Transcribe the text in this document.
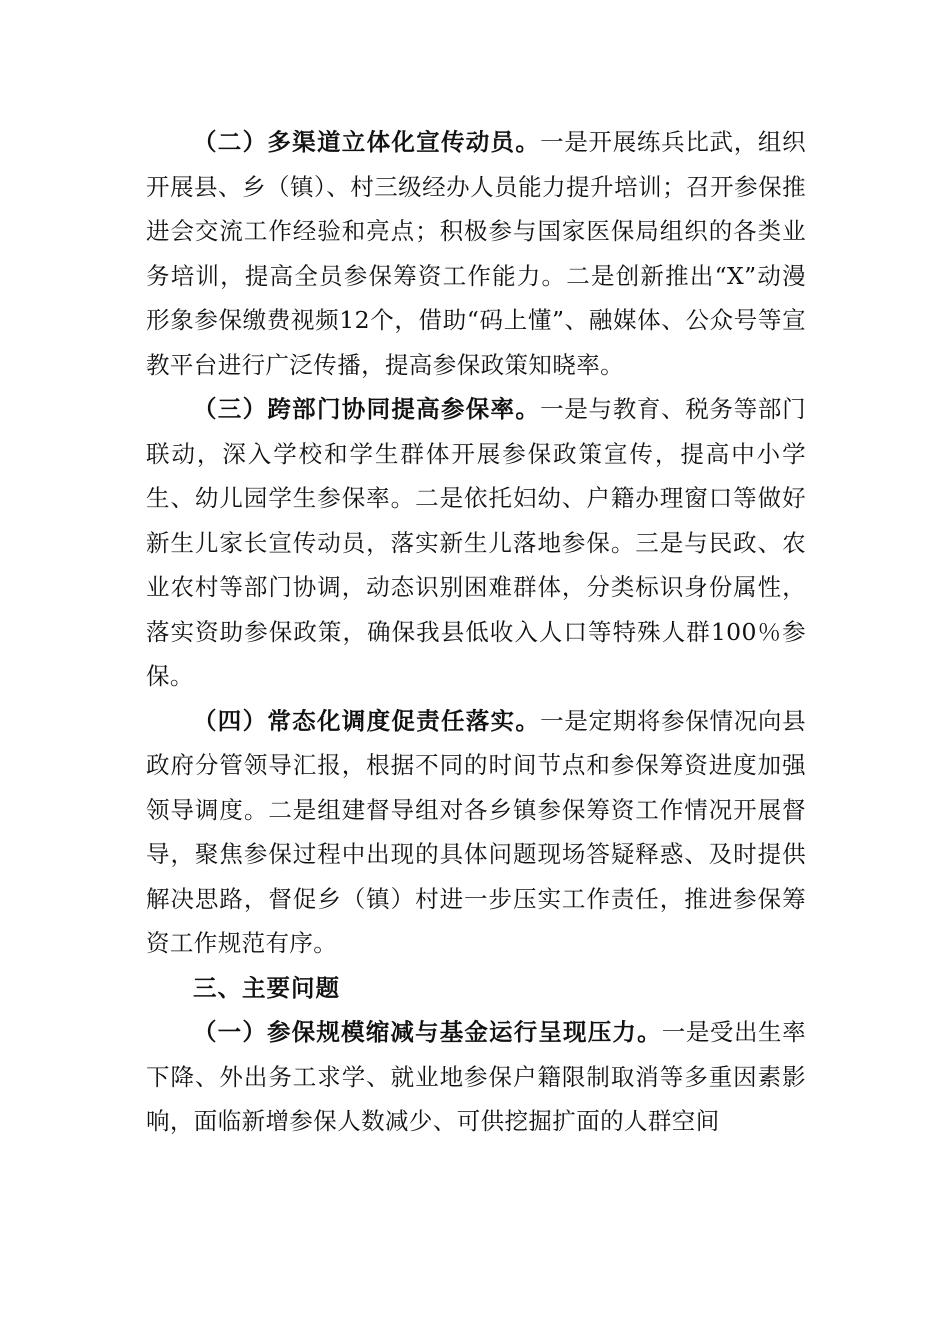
（二）多渠道立体化宣传动员。一是开展练兵比武，组织开展县、乡（镇）、村三级经办人员能力提升培训；召开参保推进会交流工作经验和亮点；积极参与国家医保局组织的各类业务培训，提高全员参保筹资工作能力。二是创新推出“X”动漫形象参保缴费视频12个，借助“码上懂”、融媒体、公众号等宣教平台进行广泛传播，提高参保政策知晓率。

（三）跨部门协同提高参保率。一是与教育、税务等部门联动，深入学校和学生群体开展参保政策宣传，提高中小学生、幼儿园学生参保率。二是依托妇幼、户籍办理窗口等做好新生儿家长宣传动员，落实新生儿落地参保。三是与民政、农业农村等部门协调，动态识别困难群体，分类标识身份属性，落实资助参保政策，确保我县低收入人口等特殊人群100％参保。

（四）常态化调度促责任落实。一是定期将参保情况向县政府分管领导汇报，根据不同的时间节点和参保筹资进度加强领导调度。二是组建督导组对各乡镇参保筹资工作情况开展督导，聚焦参保过程中出现的具体问题现场答疑释惑、及时提供解决思路，督促乡（镇）村进一步压实工作责任，推进参保筹资工作规范有序。

三、主要问题

（一）参保规模缩减与基金运行呈现压力。一是受出生率下降、外出务工求学、就业地参保户籍限制取消等多重因素影响，面临新增参保人数减少、可供挖掘扩面的人群空间
